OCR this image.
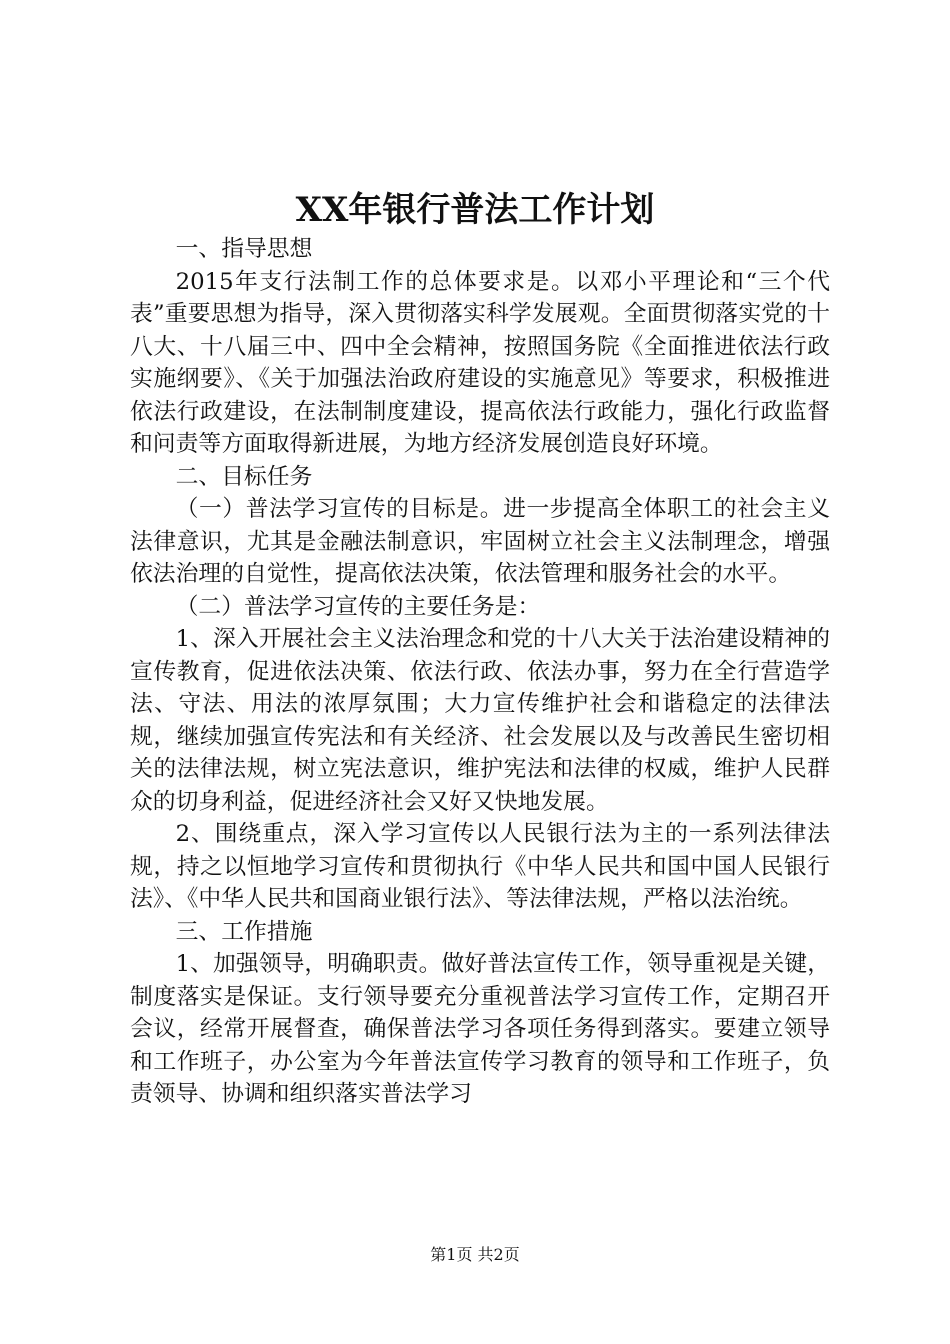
XX年银行普法工作计划

一、指导思想

2015年支行法制工作的总体要求是。以邓小平理论和“三个代表”重要思想为指导，深入贯彻落实科学发展观。全面贯彻落实党的十八大、十八届三中、四中全会精神，按照国务院《全面推进依法行政实施纲要》、《关于加强法治政府建设的实施意见》等要求，积极推进依法行政建设，在法制制度建设，提高依法行政能力，强化行政监督和问责等方面取得新进展，为地方经济发展创造良好环境。

二、目标任务

（一）普法学习宣传的目标是。进一步提高全体职工的社会主义法律意识，尤其是金融法制意识，牢固树立社会主义法制理念，增强依法治理的自觉性，提高依法决策，依法管理和服务社会的水平。

（二）普法学习宣传的主要任务是：

1、深入开展社会主义法治理念和党的十八大关于法治建设精神的宣传教育，促进依法决策、依法行政、依法办事，努力在全行营造学法、守法、用法的浓厚氛围；大力宣传维护社会和谐稳定的法律法规，继续加强宣传宪法和有关经济、社会发展以及与改善民生密切相关的法律法规，树立宪法意识，维护宪法和法律的权威，维护人民群众的切身利益，促进经济社会又好又快地发展。

2、围绕重点，深入学习宣传以人民银行法为主的一系列法律法规，持之以恒地学习宣传和贯彻执行《中华人民共和国中国人民银行法》、《中华人民共和国商业银行法》、等法律法规，严格以法治统。

三、工作措施

1、加强领导，明确职责。做好普法宣传工作，领导重视是关键，制度落实是保证。支行领导要充分重视普法学习宣传工作，定期召开会议，经常开展督查，确保普法学习各项任务得到落实。要建立领导和工作班子，办公室为今年普法宣传学习教育的领导和工作班子，负责领导、协调和组织落实普法学习

第1页 共2页
